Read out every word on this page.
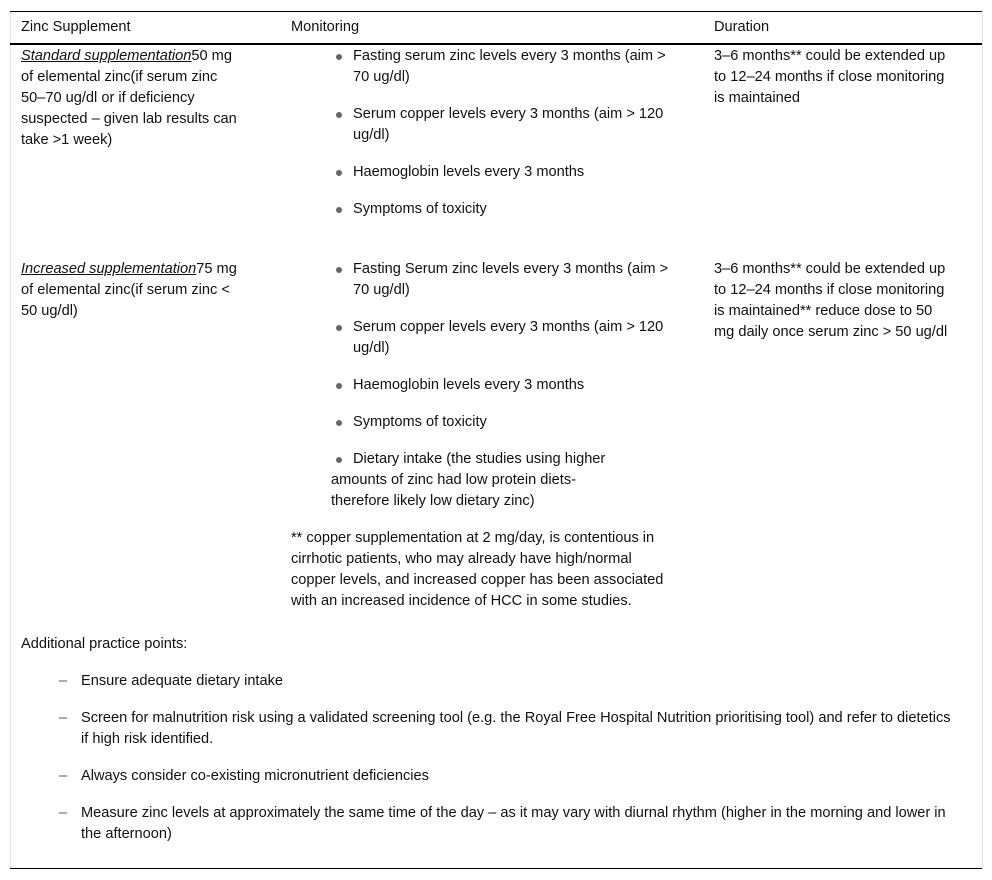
Zinc Supplement	Monitoring	Duration
Standard supplementation50 mg of elemental zinc(if serum zinc 50–70 ug/dl or if deficiency suspected – given lab results can take >1 week)
Fasting serum zinc levels every 3 months (aim > 70 ug/dl)
Serum copper levels every 3 months (aim > 120 ug/dl)
Haemoglobin levels every 3 months
Symptoms of toxicity
3–6 months** could be extended up to 12–24 months if close monitoring is maintained
Increased supplementation75 mg of elemental zinc(if serum zinc < 50 ug/dl)
Fasting Serum zinc levels every 3 months (aim > 70 ug/dl)
Serum copper levels every 3 months (aim > 120 ug/dl)
Haemoglobin levels every 3 months
Symptoms of toxicity
Dietary intake (the studies using higher amounts of zinc had low protein diets-therefore likely low dietary zinc)
3–6 months** could be extended up to 12–24 months if close monitoring is maintained** reduce dose to 50 mg daily once serum zinc > 50 ug/dl
** copper supplementation at 2 mg/day, is contentious in cirrhotic patients, who may already have high/normal copper levels, and increased copper has been associated with an increased incidence of HCC in some studies.
Additional practice points:
– Ensure adequate dietary intake
– Screen for malnutrition risk using a validated screening tool (e.g. the Royal Free Hospital Nutrition prioritising tool) and refer to dietetics if high risk identified.
– Always consider co-existing micronutrient deficiencies
– Measure zinc levels at approximately the same time of the day – as it may vary with diurnal rhythm (higher in the morning and lower in the afternoon)
